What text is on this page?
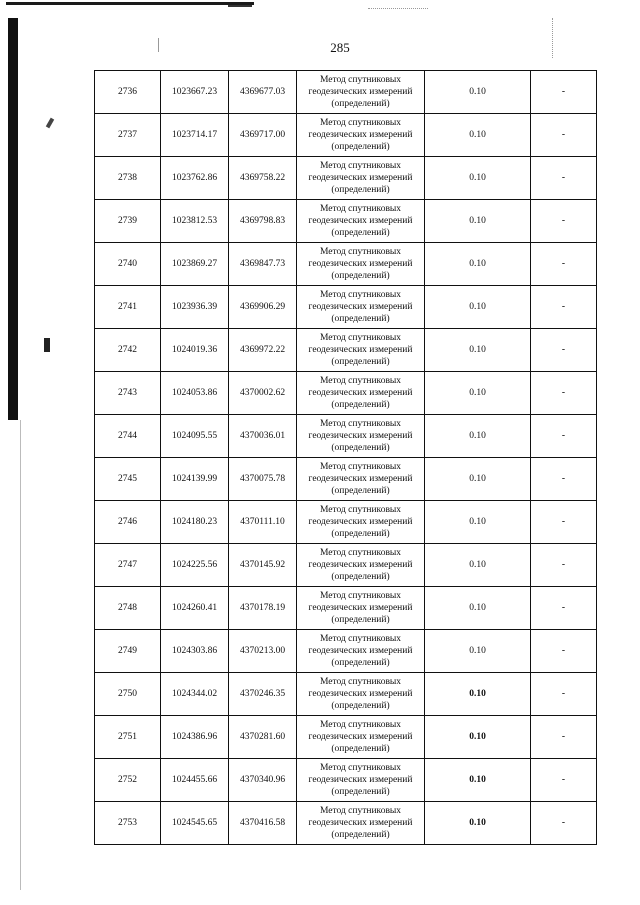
285
2736	1023667.23	4369677.03	Метод спутниковых
геодезических измерений
(определений)	0.10	-
2737	1023714.17	4369717.00	Метод спутниковых
геодезических измерений
(определений)	0.10	-
2738	1023762.86	4369758.22	Метод спутниковых
геодезических измерений
(определений)	0.10	-
2739	1023812.53	4369798.83	Метод спутниковых
геодезических измерений
(определений)	0.10	-
2740	1023869.27	4369847.73	Метод спутниковых
геодезических измерений
(определений)	0.10	-
2741	1023936.39	4369906.29	Метод спутниковых
геодезических измерений
(определений)	0.10	-
2742	1024019.36	4369972.22	Метод спутниковых
геодезических измерений
(определений)	0.10	-
2743	1024053.86	4370002.62	Метод спутниковых
геодезических измерений
(определений)	0.10	-
2744	1024095.55	4370036.01	Метод спутниковых
геодезических измерений
(определений)	0.10	-
2745	1024139.99	4370075.78	Метод спутниковых
геодезических измерений
(определений)	0.10	-
2746	1024180.23	4370111.10	Метод спутниковых
геодезических измерений
(определений)	0.10	-
2747	1024225.56	4370145.92	Метод спутниковых
геодезических измерений
(определений)	0.10	-
2748	1024260.41	4370178.19	Метод спутниковых
геодезических измерений
(определений)	0.10	-
2749	1024303.86	4370213.00	Метод спутниковых
геодезических измерений
(определений)	0.10	-
2750	1024344.02	4370246.35	Метод спутниковых
геодезических измерений
(определений)	0.10	-
2751	1024386.96	4370281.60	Метод спутниковых
геодезических измерений
(определений)	0.10	-
2752	1024455.66	4370340.96	Метод спутниковых
геодезических измерений
(определений)	0.10	-
2753	1024545.65	4370416.58	Метод спутниковых
геодезических измерений
(определений)	0.10	-
